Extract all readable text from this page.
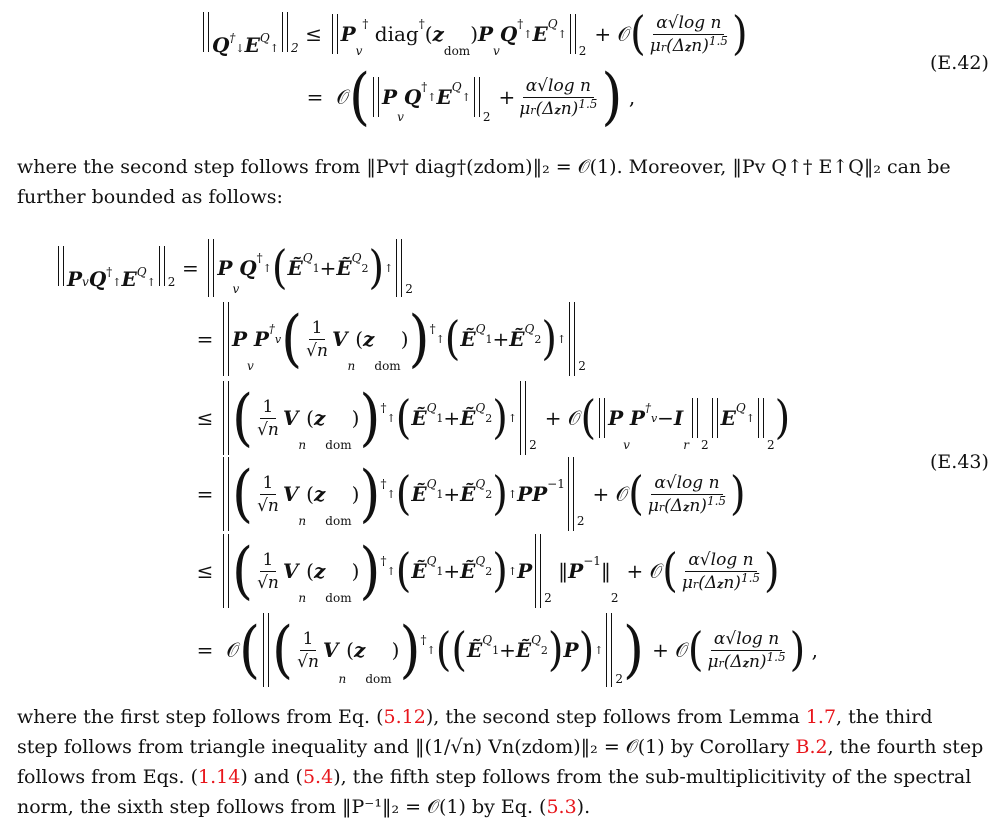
$Q^\dagger↓E^Q↑$ 2
≤ P
v
†
diag † ( z
dom
) P
v
Q †
↑ E Q
↑
2
+ 𝒪 ( $\frac{\text{α√log n}}{\mu r(\Delta zn)^{1.5}}$ )
= 𝒪 ( P
v
Q †
↑ E Q
↑
2
+ $\frac{\text{α√log n}}{\mu r(\Delta zn)^{1.5}}$ ) ,
(E.42)

where the second step follows from ‖Pv† diag†(zdom)‖₂ = 𝒪(1). Moreover, ‖Pv Q↑† E↑Q‖₂ can be

further bounded as follows:

$PvQ^\dagger↑E^Q↑$ 2
= P
v
Q †
↑ ( Ẽ Q
1 + Ẽ Q
2 ) ↑
2
= P
v
P †
v ( $\frac{1}{√n}$ V
n
( z
dom
) ) †
↑ ( Ẽ Q
1 + Ẽ Q
2 ) ↑
2
≤ ( $\frac{1}{√n}$ V
n
( z
dom
) ) †
↑ ( Ẽ Q
1 + Ẽ Q
2 ) ↑
2
+ 𝒪 ( P
v
P †
v − I
r 2
E Q
↑
2
)
= ( $\frac{1}{√n}$ V
n
( z
dom
) ) †
↑ ( Ẽ Q
1 + Ẽ Q
2 ) ↑ PP −1
2
+ 𝒪 ( $\frac{\text{α√log n}}{\mu r(\Delta zn)^{1.5}}$ )
≤ ( $\frac{1}{√n}$ V
n
( z
dom
) ) †
↑ ( Ẽ Q
1 + Ẽ Q
2 ) ↑ P
2
‖ P −1 ‖
2
+ 𝒪 ( $\frac{\text{α√log n}}{\mu r(\Delta zn)^{1.5}}$ )
= 𝒪 ( ( $\frac{1}{√n}$ V
n
( z
dom
) ) †
↑ ( ( Ẽ Q
1 + Ẽ Q
2 ) P ) ↑
2 ) + 𝒪 ( $\frac{\text{α√log n}}{\mu r(\Delta zn)^{1.5}}$ ) ,
(E.43)

where the first step follows from Eq. (5.12), the second step follows from Lemma 1.7, the third

step follows from triangle inequality and ‖(1/√n) Vn(zdom)‖₂ = 𝒪(1) by Corollary B.2, the fourth step

follows from Eqs. (1.14) and (5.4), the fifth step follows from the sub-multiplicitivity of the spectral

norm, the sixth step follows from ‖P⁻¹‖₂ = 𝒪(1) by Eq. (5.3).
